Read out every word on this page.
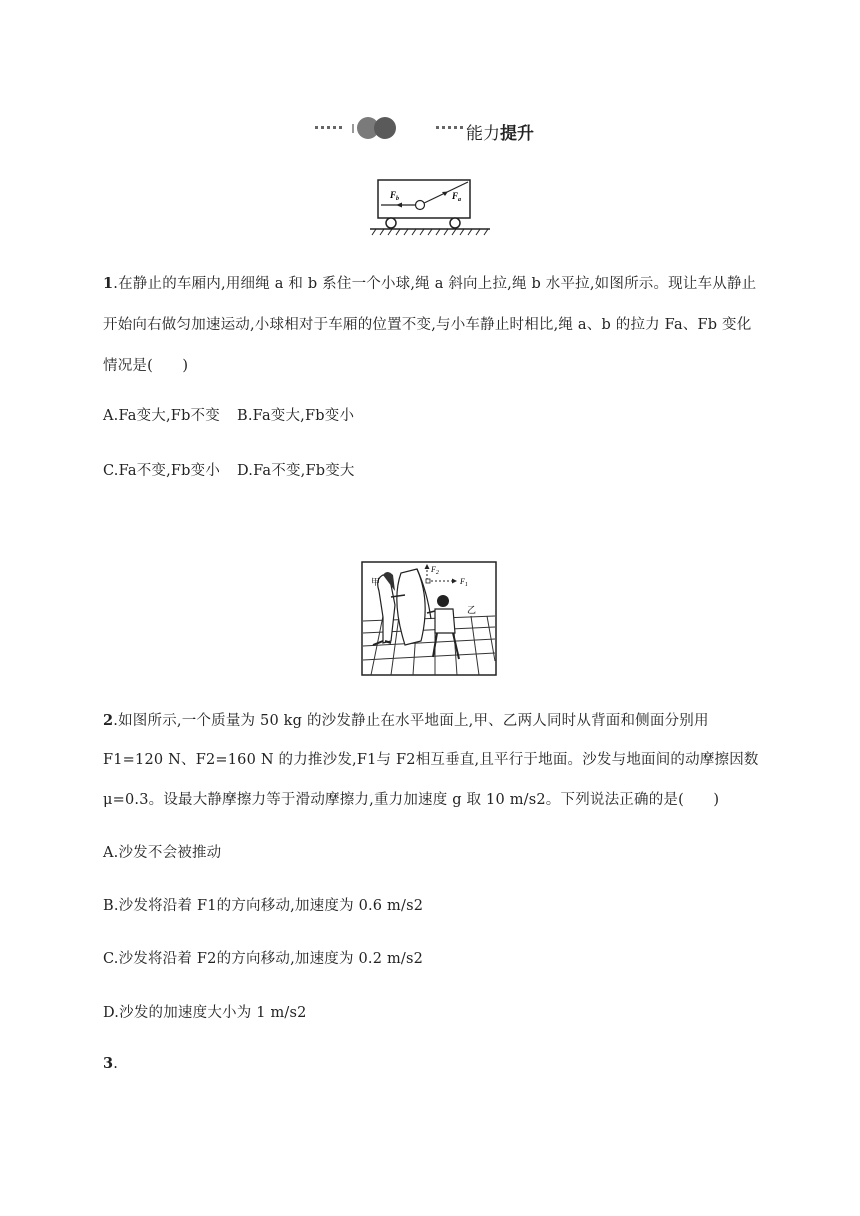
能力提升
$F_b$	$F_a$
1.在静止的车厢内,用细绳 a 和 b 系住一个小球,绳 a 斜向上拉,绳 b 水平拉,如图所示。现让车从静止
开始向右做匀加速运动,小球相对于车厢的位置不变,与小车静止时相比,绳 a、b 的拉力 Fa、Fb 变化
情况是(　　)
A.Fa变大,Fb不变 B.Fa变大,Fb变小
C.Fa不变,Fb变小 D.Fa不变,Fb变大
$F_2$
$F_1$
甲
乙
2.如图所示,一个质量为 50 kg 的沙发静止在水平地面上,甲、乙两人同时从背面和侧面分别用
F1=120 N、F2=160 N 的力推沙发,F1与 F2相互垂直,且平行于地面。沙发与地面间的动摩擦因数
μ=0.3。设最大静摩擦力等于滑动摩擦力,重力加速度 g 取 10 m/s2。下列说法正确的是(　　)
A.沙发不会被推动
B.沙发将沿着 F1的方向移动,加速度为 0.6 m/s2
C.沙发将沿着 F2的方向移动,加速度为 0.2 m/s2
D.沙发的加速度大小为 1 m/s2
3.
